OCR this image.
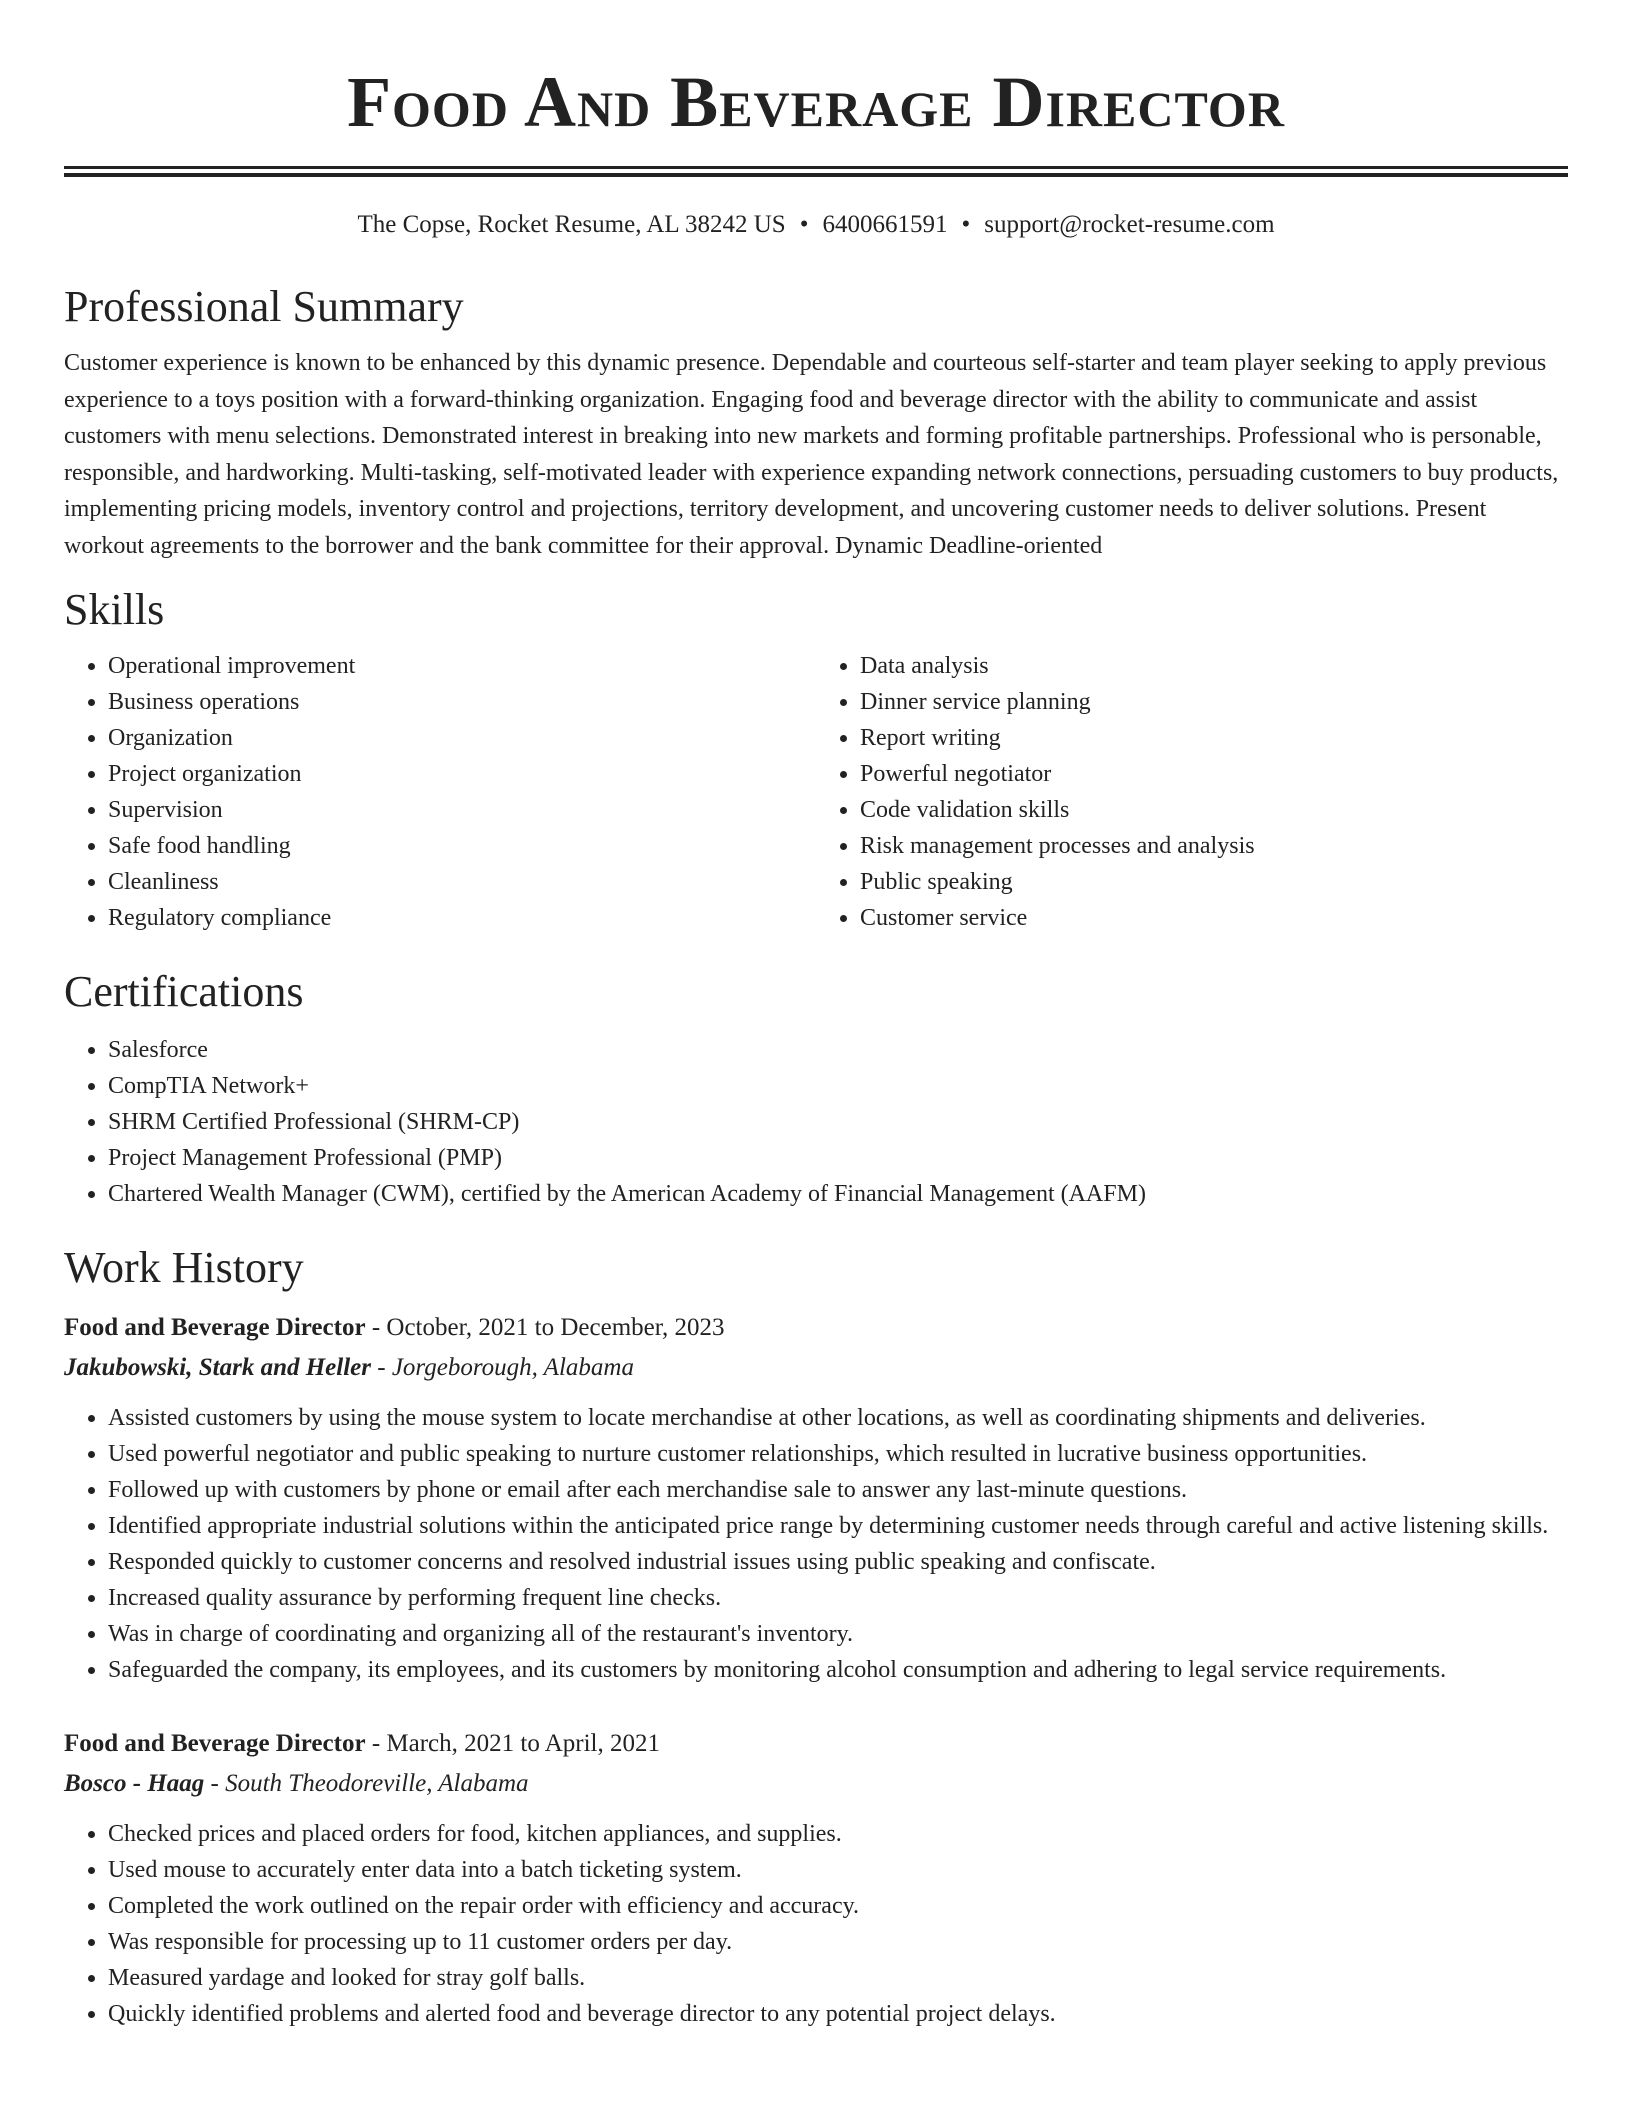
Food And Beverage Director
The Copse, Rocket Resume, AL 38242 US • 6400661591 • support@rocket-resume.com
Professional Summary
Customer experience is known to be enhanced by this dynamic presence. Dependable and courteous self-starter and team player seeking to apply previous experience to a toys position with a forward-thinking organization. Engaging food and beverage director with the ability to communicate and assist customers with menu selections. Demonstrated interest in breaking into new markets and forming profitable partnerships. Professional who is personable, responsible, and hardworking. Multi-tasking, self-motivated leader with experience expanding network connections, persuading customers to buy products, implementing pricing models, inventory control and projections, territory development, and uncovering customer needs to deliver solutions. Present workout agreements to the borrower and the bank committee for their approval. Dynamic Deadline-oriented
Skills
• Operational improvement
• Business operations
• Organization
• Project organization
• Supervision
• Safe food handling
• Cleanliness
• Regulatory compliance
• Data analysis
• Dinner service planning
• Report writing
• Powerful negotiator
• Code validation skills
• Risk management processes and analysis
• Public speaking
• Customer service
Certifications
• Salesforce
• CompTIA Network+
• SHRM Certified Professional (SHRM-CP)
• Project Management Professional (PMP)
• Chartered Wealth Manager (CWM), certified by the American Academy of Financial Management (AAFM)
Work History
Food and Beverage Director - October, 2021 to December, 2023
Jakubowski, Stark and Heller - Jorgeborough, Alabama
• Assisted customers by using the mouse system to locate merchandise at other locations, as well as coordinating shipments and deliveries.
• Used powerful negotiator and public speaking to nurture customer relationships, which resulted in lucrative business opportunities.
• Followed up with customers by phone or email after each merchandise sale to answer any last-minute questions.
• Identified appropriate industrial solutions within the anticipated price range by determining customer needs through careful and active listening skills.
• Responded quickly to customer concerns and resolved industrial issues using public speaking and confiscate.
• Increased quality assurance by performing frequent line checks.
• Was in charge of coordinating and organizing all of the restaurant's inventory.
• Safeguarded the company, its employees, and its customers by monitoring alcohol consumption and adhering to legal service requirements.
Food and Beverage Director - March, 2021 to April, 2021
Bosco - Haag - South Theodoreville, Alabama
• Checked prices and placed orders for food, kitchen appliances, and supplies.
• Used mouse to accurately enter data into a batch ticketing system.
• Completed the work outlined on the repair order with efficiency and accuracy.
• Was responsible for processing up to 11 customer orders per day.
• Measured yardage and looked for stray golf balls.
• Quickly identified problems and alerted food and beverage director to any potential project delays.
